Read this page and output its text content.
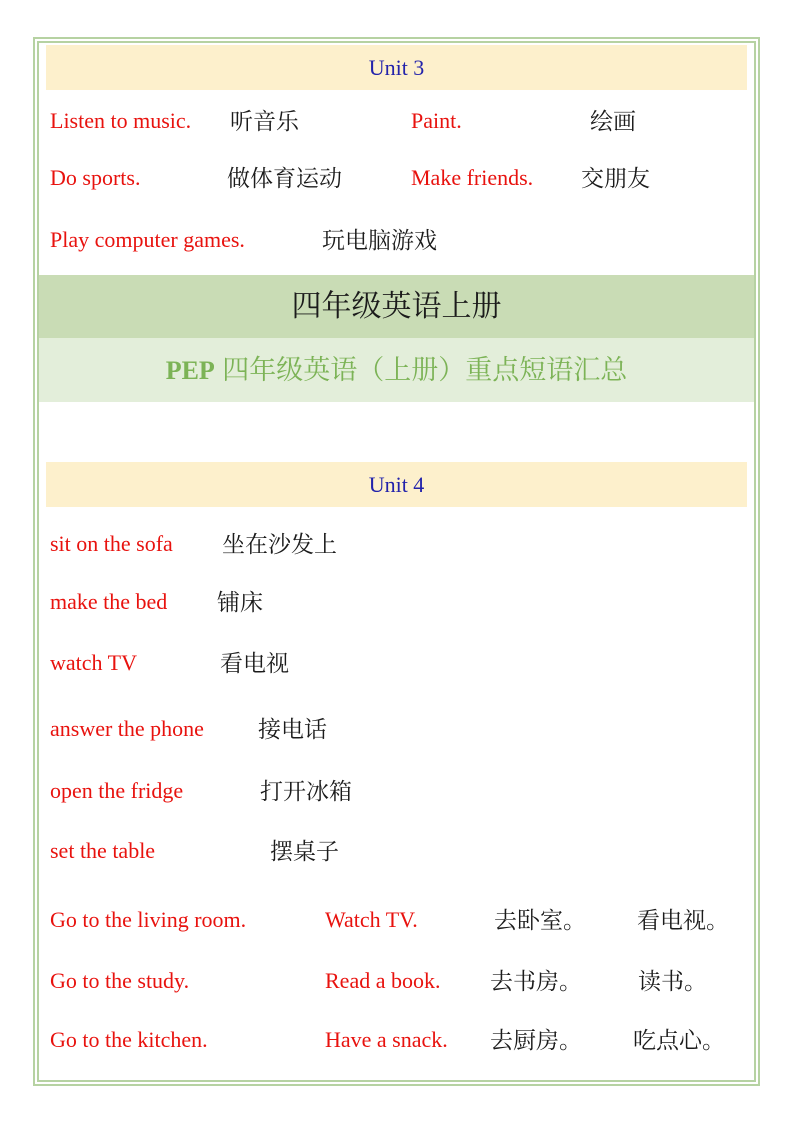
Unit 3
Listen to music. 听音乐	Paint.	绘画
Do sports.	做体育运动	Make friends. 交朋友
Play computer games.	玩电脑游戏
四年级英语上册
PEP 四年级英语（上册）重点短语汇总
Unit 4
sit on the sofa 坐在沙发上
make the bed 铺床
watch TV	看电视
answer the phone 接电话
open the fridge	打开冰箱
set the table	摆桌子
Go to the living room.	Watch TV.	去卧室。 看电视。
Go to the study.	Read a book. 去书房。 读书。
Go to the kitchen.	Have a snack. 去厨房。 吃点心。
